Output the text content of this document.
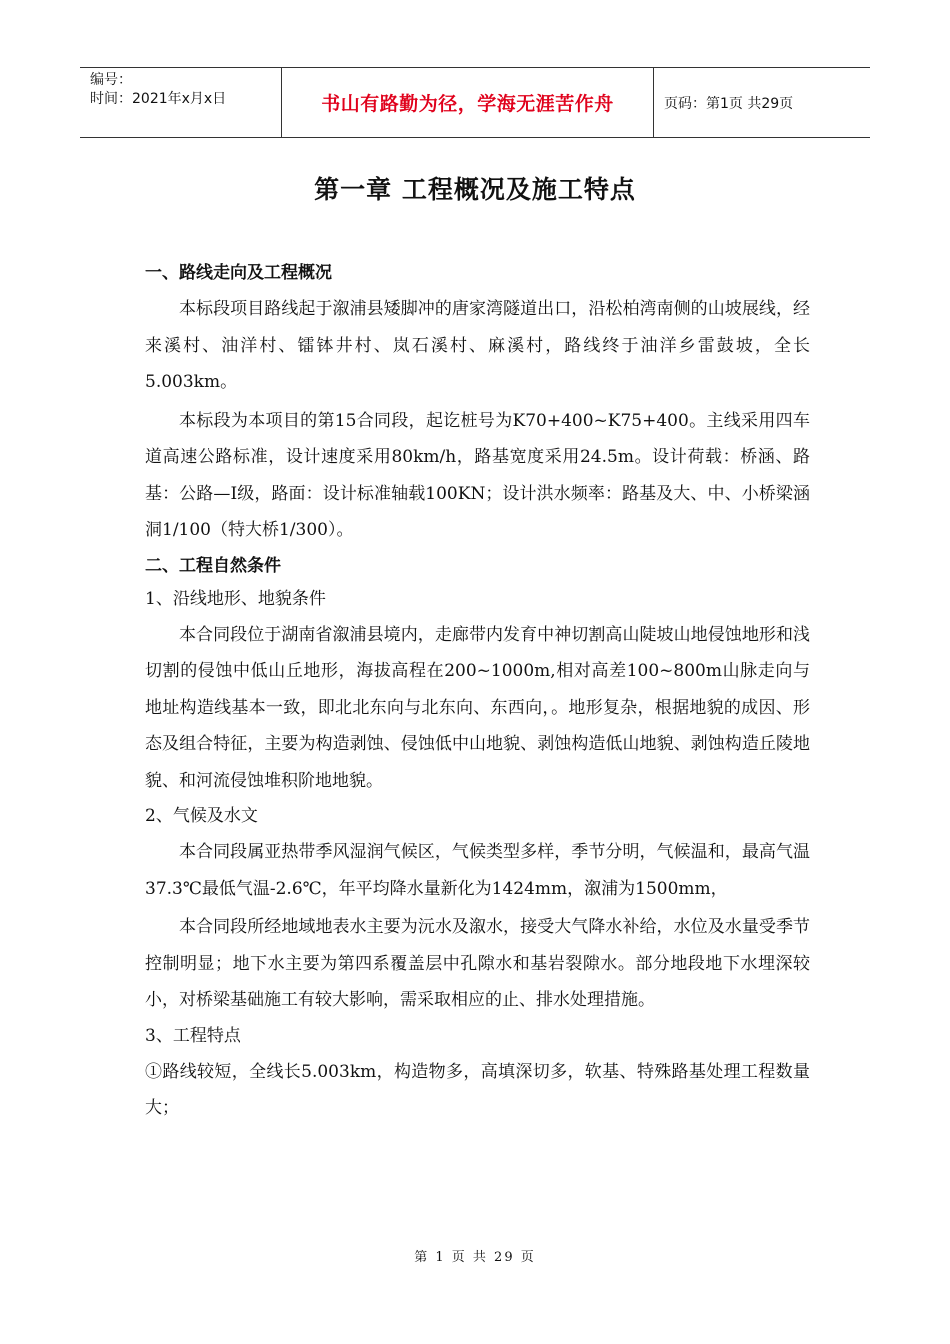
编号：
时间：2021年x月x日	书山有路勤为径，学海无涯苦作舟	页码：第1页 共29页
第一章 工程概况及施工特点
一、路线走向及工程概况

本标段项目路线起于溆浦县矮脚冲的唐家湾隧道出口，沿松柏湾南侧的山坡展线，经来溪村、油洋村、镭钵井村、岚石溪村、麻溪村，路线终于油洋乡雷鼓坡，全长5.003km。

本标段为本项目的第15合同段，起讫桩号为K70+400~K75+400。主线采用四车道高速公路标准，设计速度采用80km/h，路基宽度采用24.5m。设计荷载：桥涵、路基：公路—Ⅰ级，路面：设计标准轴载100KN；设计洪水频率：路基及大、中、小桥梁涵洞1/100（特大桥1/300）。

二、工程自然条件
1、沿线地形、地貌条件

本合同段位于湖南省溆浦县境内，走廊带内发育中神切割高山陡坡山地侵蚀地形和浅切割的侵蚀中低山丘地形，海拔高程在200~1000m,相对高差100~800m山脉走向与地址构造线基本一致，即北北东向与北东向、东西向，。地形复杂，根据地貌的成因、形态及组合特征，主要为构造剥蚀、侵蚀低中山地貌、剥蚀构造低山地貌、剥蚀构造丘陵地貌、和河流侵蚀堆积阶地地貌。

2、气候及水文

本合同段属亚热带季风湿润气候区，气候类型多样，季节分明，气候温和，最高气温37.3℃最低气温-2.6℃，年平均降水量新化为1424mm，溆浦为1500mm，

本合同段所经地域地表水主要为沅水及溆水，接受大气降水补给，水位及水量受季节控制明显；地下水主要为第四系覆盖层中孔隙水和基岩裂隙水。部分地段地下水埋深较小，对桥梁基础施工有较大影响，需采取相应的止、排水处理措施。

3、工程特点

①路线较短，全线长5.003km，构造物多，高填深切多，软基、特殊路基处理工程数量大；

第 1 页 共 29 页
